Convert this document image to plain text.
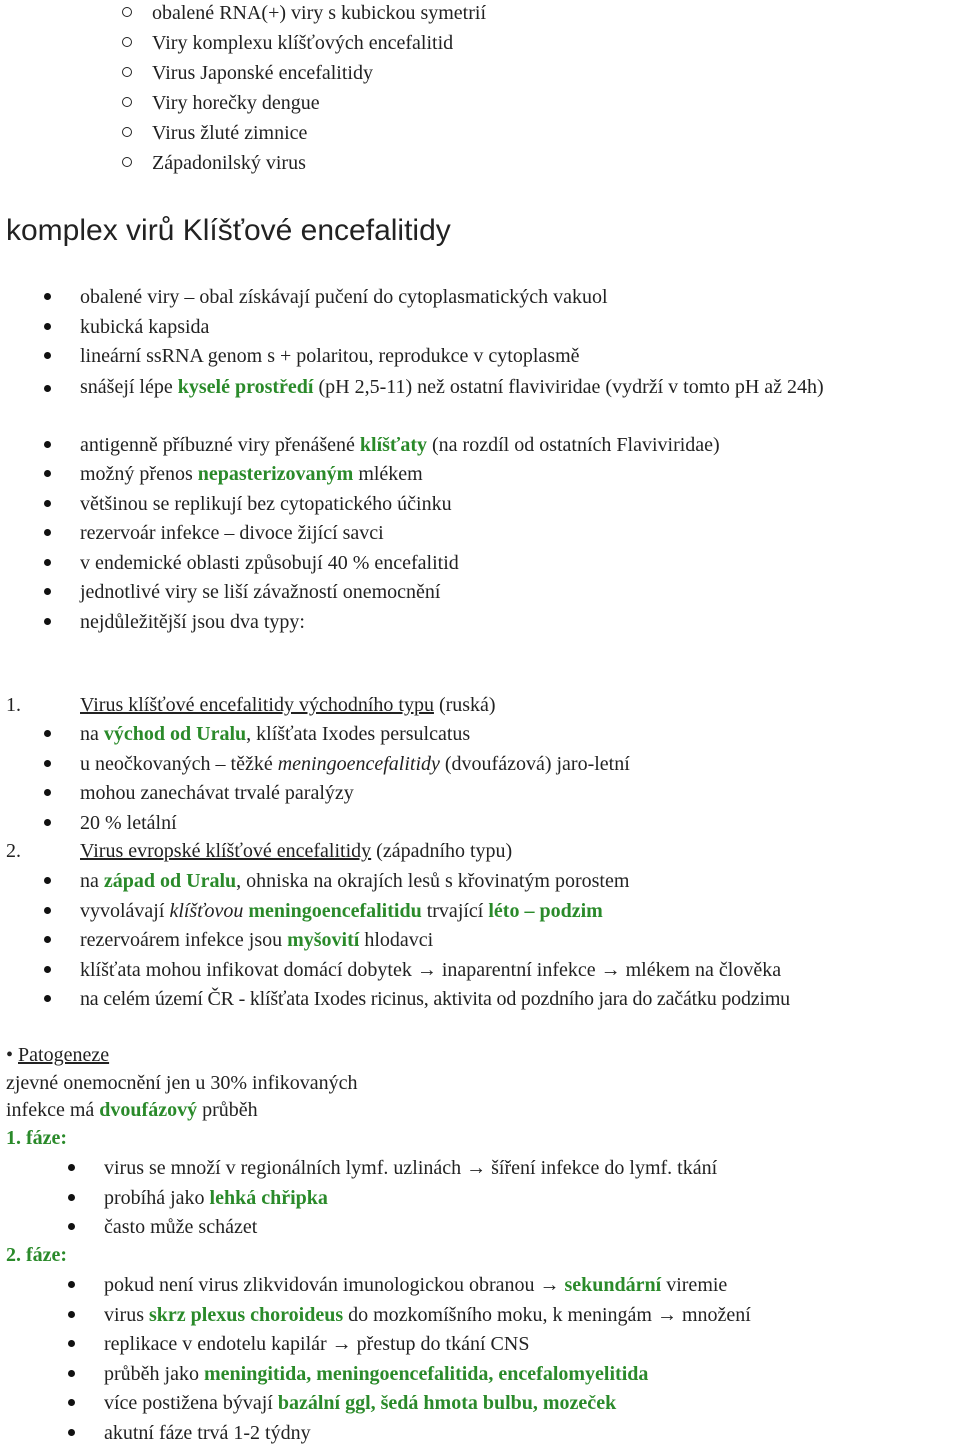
obalené RNA(+) viry s kubickou symetrií
Viry komplexu klíšťových encefalitid
Virus Japonské encefalitidy
Viry horečky dengue
Virus žluté zimnice
Západonilský virus
komplex virů Klíšťové encefalitidy
obalené viry – obal získávají pučení do cytoplasmatických vakuol
kubická kapsida
lineární ssRNA genom s + polaritou, reprodukce v cytoplasmě
snášejí lépe kyselé prostředí (pH 2,5-11) než ostatní flaviviridae (vydrží v tomto pH až 24h)
antigenně příbuzné viry přenášené klíšťaty (na rozdíl od ostatních Flaviviridae)
možný přenos nepasterizovaným mlékem
většinou se replikují bez cytopatického účinku
rezervoár infekce – divoce žijící savci
v endemické oblasti způsobují 40 % encefalitid
jednotlivé viry se liší závažností onemocnění
nejdůležitější jsou dva typy:
1.	Virus klíšťové encefalitidy východního typu (ruská)
na východ od Uralu, klíšťata Ixodes persulcatus
u neočkovaných – těžké meningoencefalitidy (dvoufázová) jaro-letní
mohou zanechávat trvalé paralýzy
20 % letální
2.	Virus evropské klíšťové encefalitidy (západního typu)
na západ od Uralu, ohniska na okrajích lesů s křovinatým porostem
vyvolávají klíšťovou meningoencefalitidu trvající léto – podzim
rezervoárem infekce jsou myšovití hlodavci
klíšťata mohou infikovat domácí dobytek → inaparentní infekce → mlékem na člověka
na celém území ČR - klíšťata Ixodes ricinus, aktivita od pozdního jara do začátku podzimu
• Patogeneze
zjevné onemocnění jen u 30% infikovaných
infekce má dvoufázový průběh
1. fáze:
virus se množí v regionálních lymf. uzlinách → šíření infekce do lymf. tkání
probíhá jako lehká chřipka
často může scházet
2. fáze:
pokud není virus zlikvidován imunologickou obranou → sekundární viremie
virus skrz plexus choroideus do mozkomíšního moku, k meningám → množení
replikace v endotelu kapilár → přestup do tkání CNS
průběh jako meningitida, meningoencefalitida, encefalomyelitida
více postižena bývají bazální ggl, šedá hmota bulbu, mozeček
akutní fáze trvá 1-2 týdny
